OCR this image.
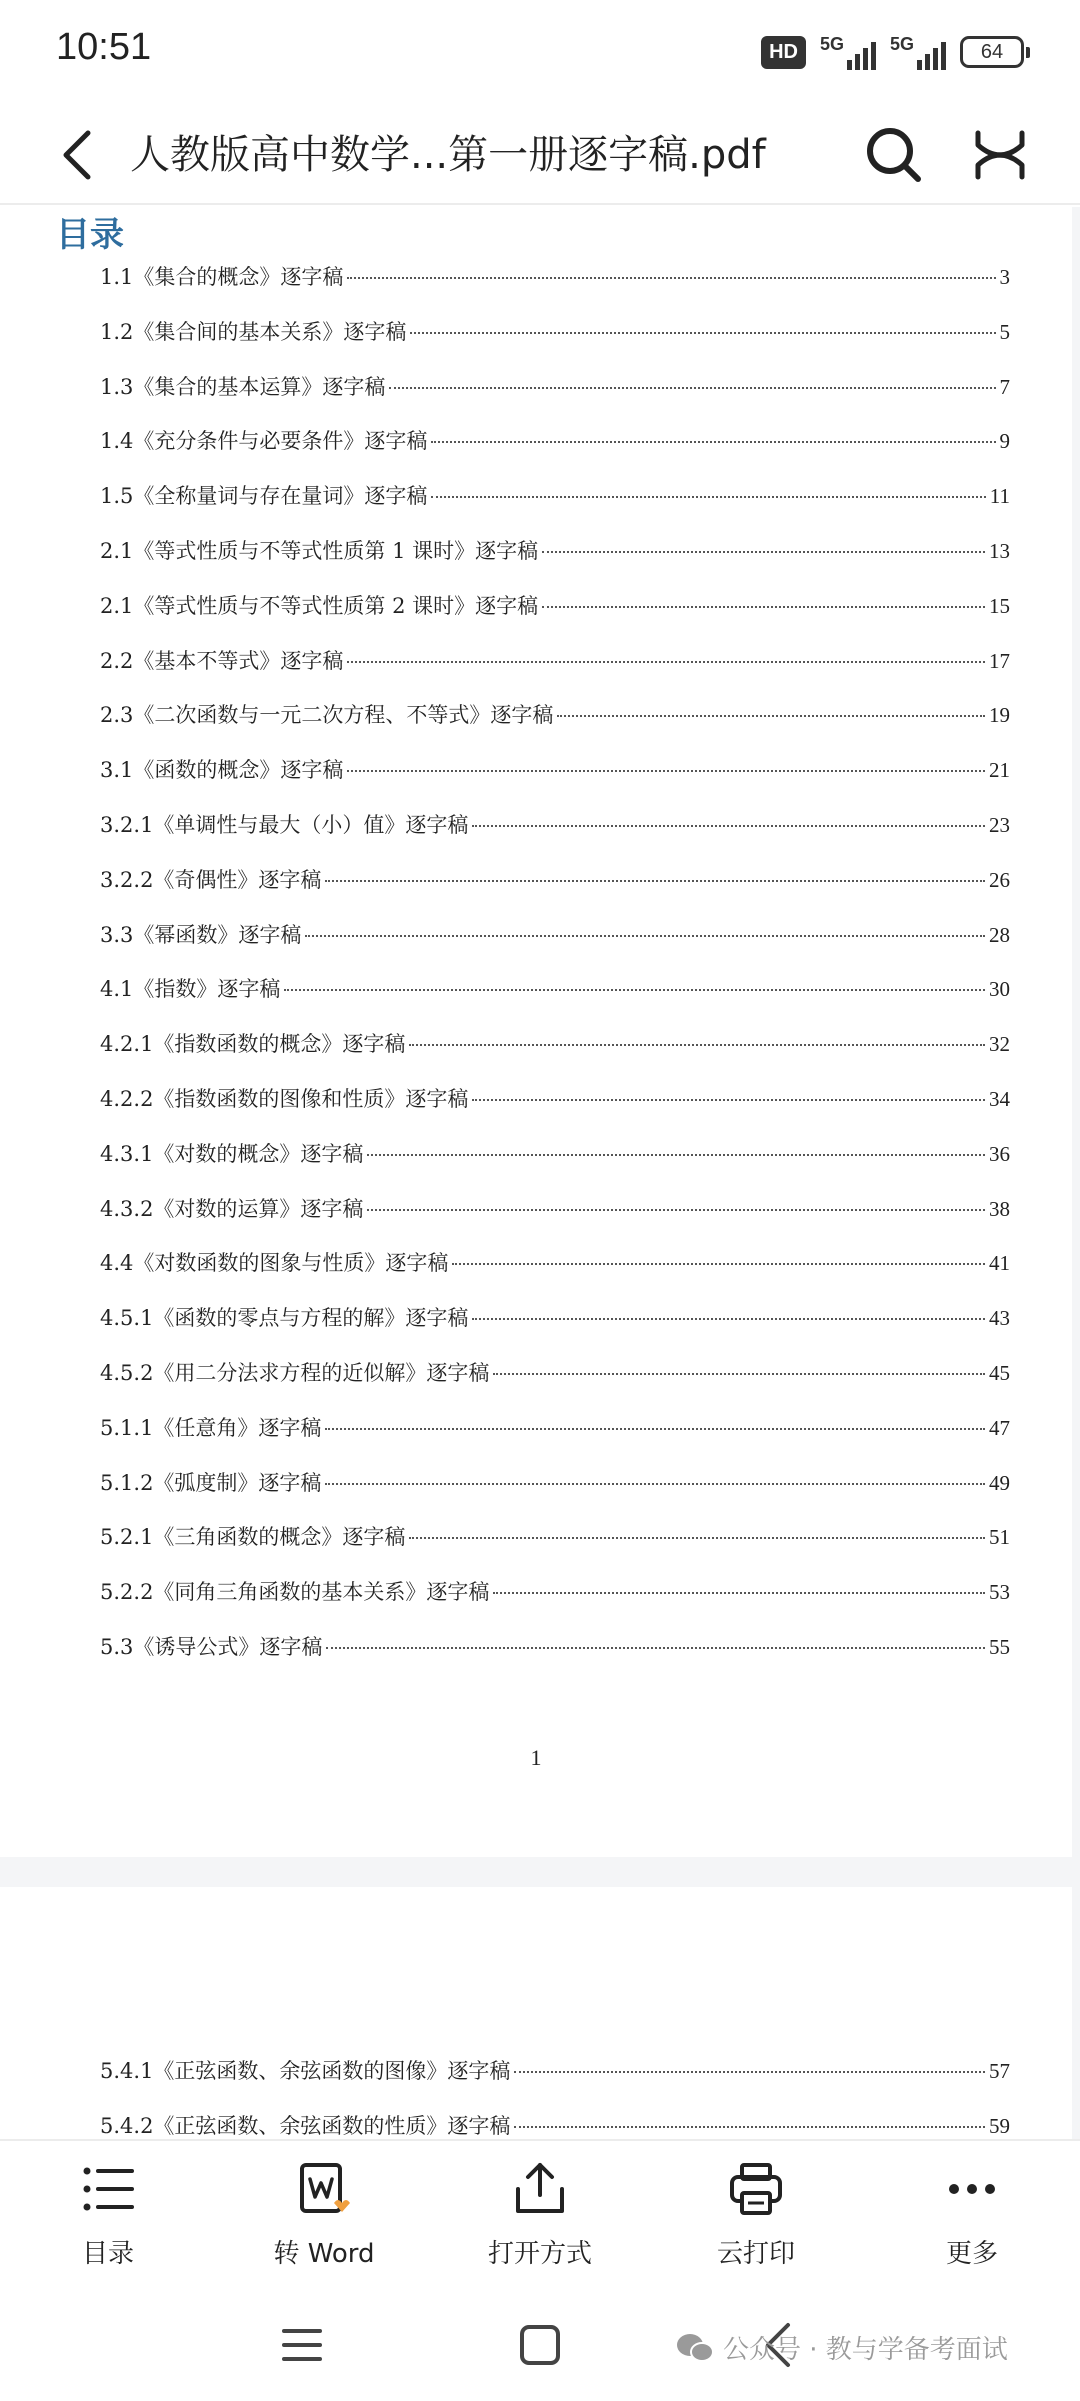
10:51	HD	5G	5G	64
人教版高中数学...第一册逐字稿.pdf
目录
1.1《集合的概念》逐字稿	3
1.2《集合间的基本关系》逐字稿	5
1.3《集合的基本运算》逐字稿	7
1.4《充分条件与必要条件》逐字稿	9
1.5《全称量词与存在量词》逐字稿	11
2.1《等式性质与不等式性质第 1 课时》逐字稿	13
2.1《等式性质与不等式性质第 2 课时》逐字稿	15
2.2《基本不等式》逐字稿	17
2.3《二次函数与一元二次方程、不等式》逐字稿	19
3.1《函数的概念》逐字稿	21
3.2.1《单调性与最大（小）值》逐字稿	23
3.2.2《奇偶性》逐字稿	26
3.3《幂函数》逐字稿	28
4.1《指数》逐字稿	30
4.2.1《指数函数的概念》逐字稿	32
4.2.2《指数函数的图像和性质》逐字稿	34
4.3.1《对数的概念》逐字稿	36
4.3.2《对数的运算》逐字稿	38
4.4《对数函数的图象与性质》逐字稿	41
4.5.1《函数的零点与方程的解》逐字稿	43
4.5.2《用二分法求方程的近似解》逐字稿	45
5.1.1《任意角》逐字稿	47
5.1.2《弧度制》逐字稿	49
5.2.1《三角函数的概念》逐字稿	51
5.2.2《同角三角函数的基本关系》逐字稿	53
5.3《诱导公式》逐字稿	55
1
5.4.1《正弦函数、余弦函数的图像》逐字稿	57
5.4.2《正弦函数、余弦函数的性质》逐字稿	59
目录	转 Word	打开方式	云打印	更多
公众号 · 教与学备考面试
